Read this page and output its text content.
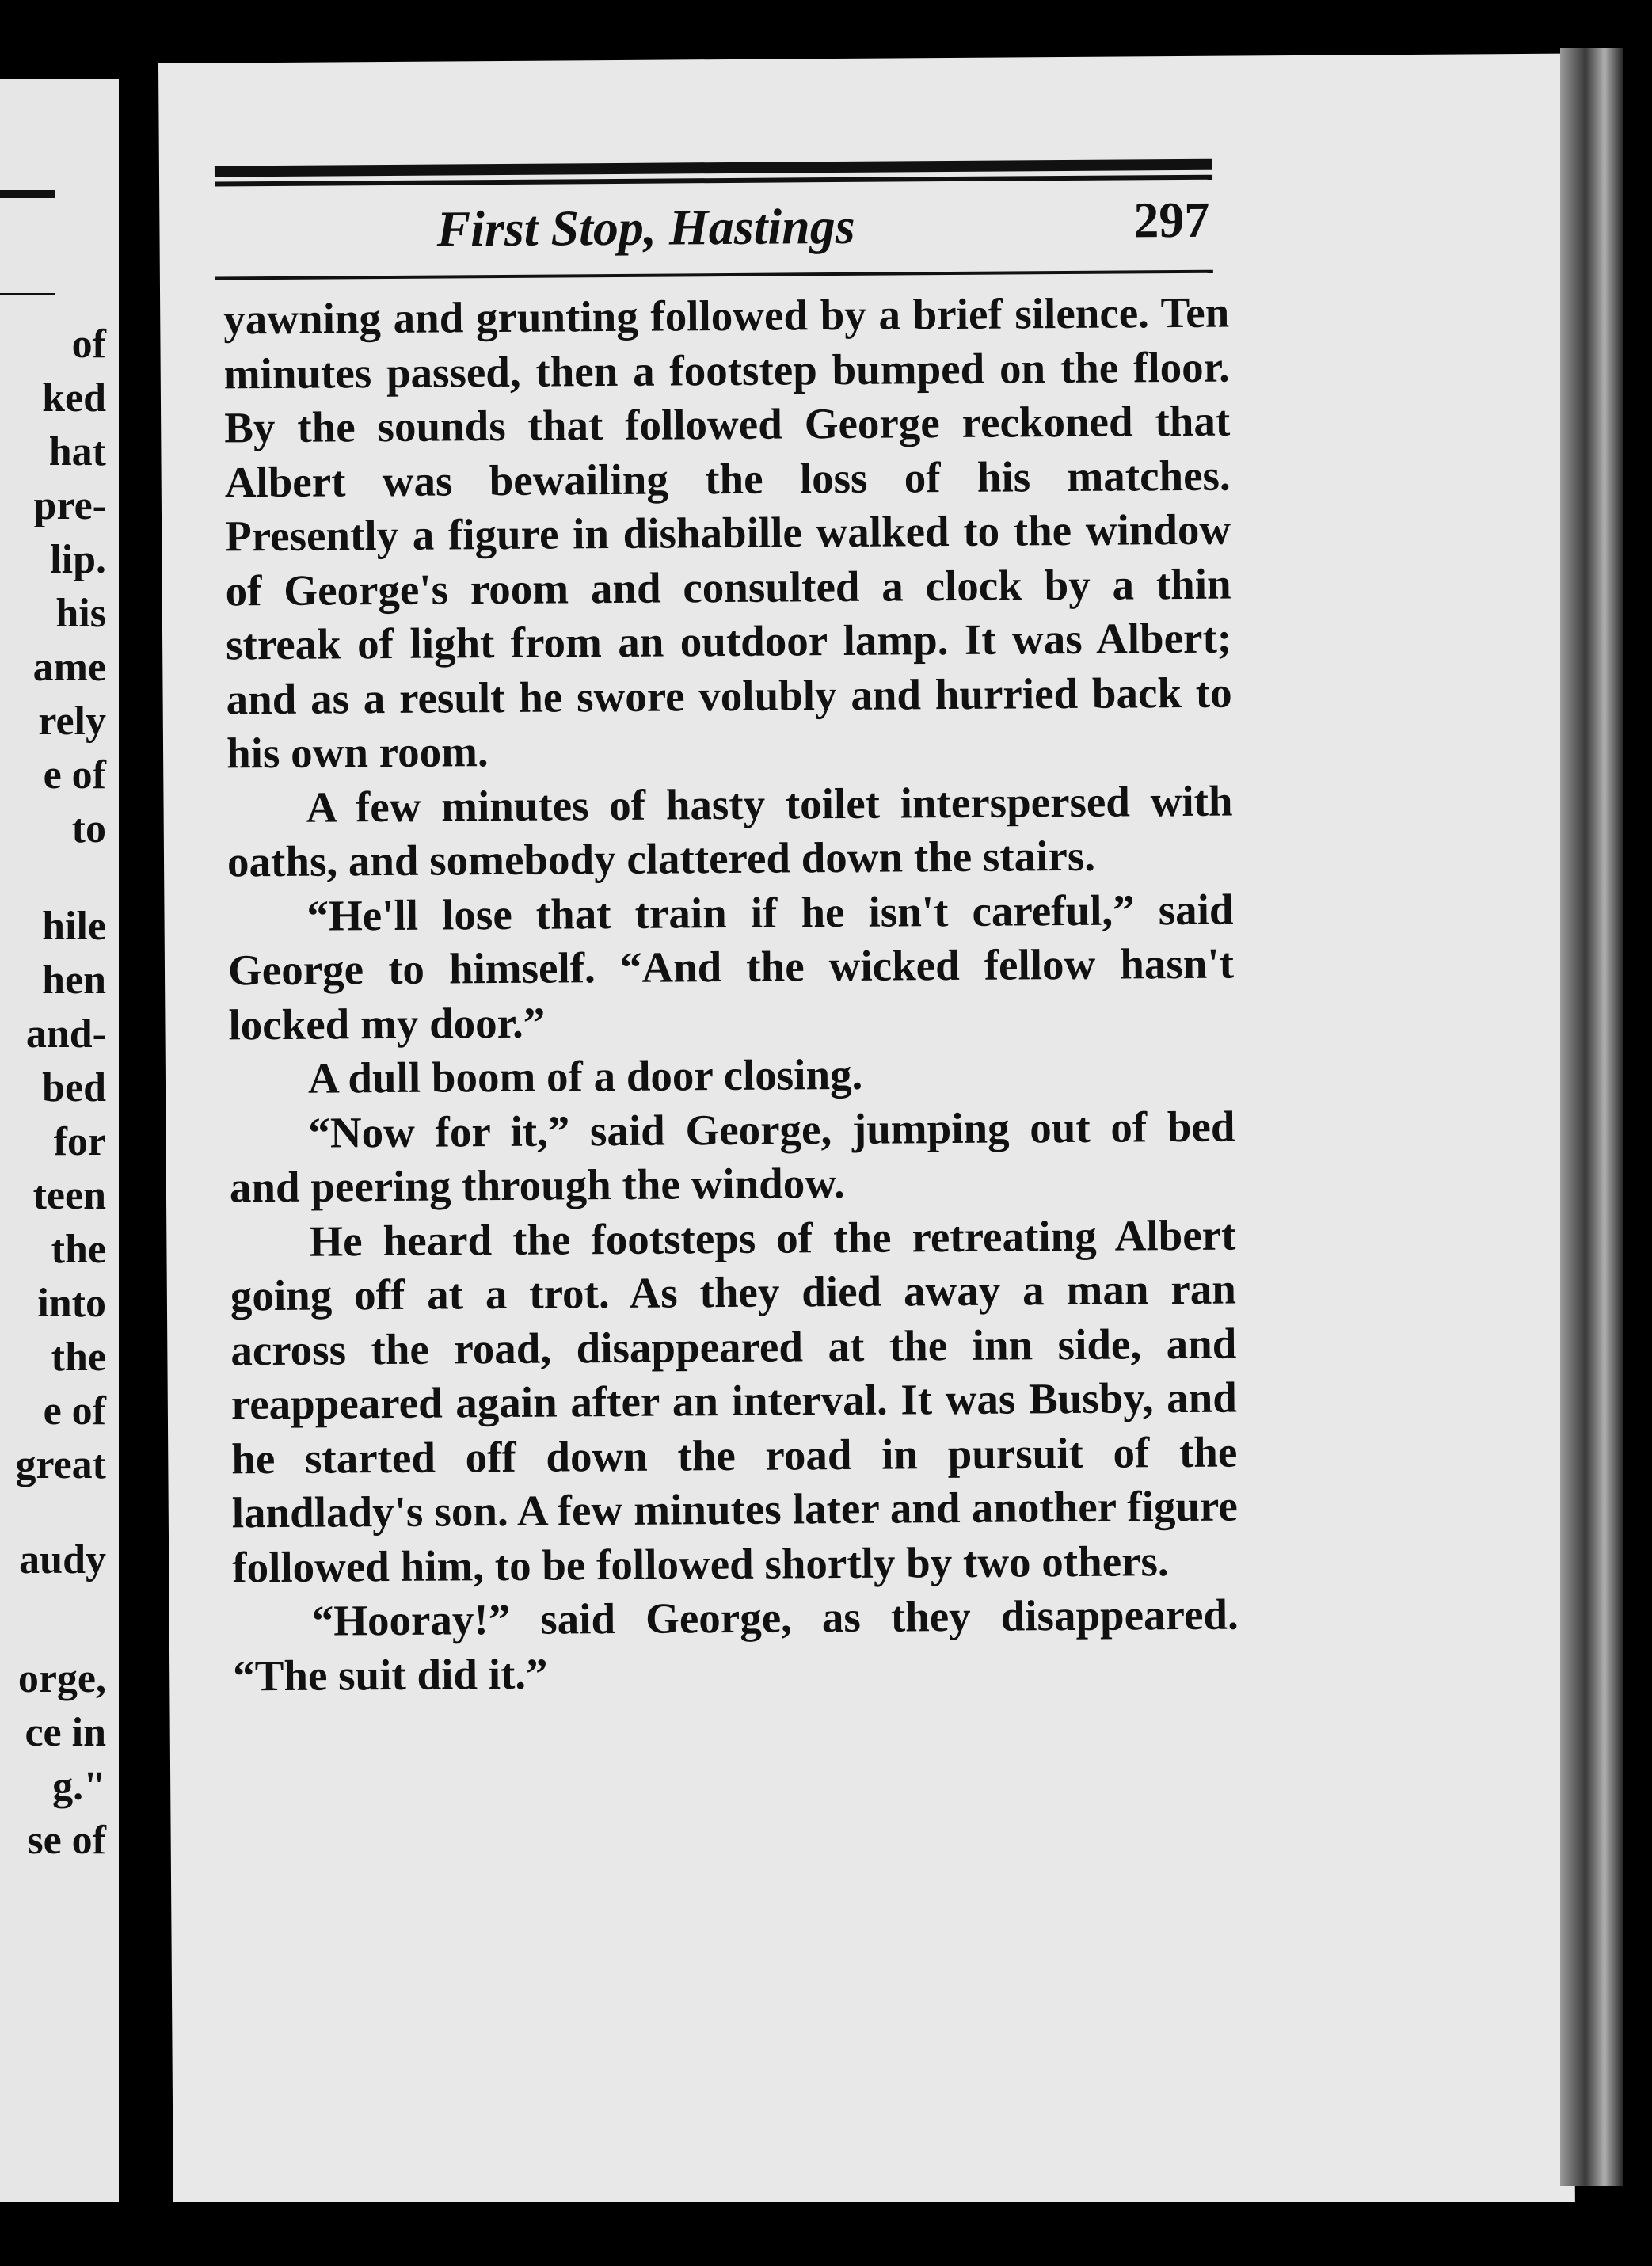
of
ked
hat
pre-
lip.
his
ame
rely
e of
to
hile
hen
and-
bed
for
teen
the
into
the
e of
great
audy
orge,
ce in
g."
se of
First Stop, Hastings	297

yawning and grunting followed by a brief silence. Ten minutes passed, then a footstep bumped on the floor. By the sounds that followed George reckoned that Albert was bewailing the loss of his matches. Presently a figure in dishabille walked to the window of George's room and consulted a clock by a thin streak of light from an outdoor lamp. It was Albert; and as a result he swore volubly and hurried back to his own room.

A few minutes of hasty toilet interspersed with oaths, and somebody clattered down the stairs.

“He'll lose that train if he isn't careful,” said George to himself. “And the wicked fellow hasn't locked my door.”

A dull boom of a door closing.

“Now for it,” said George, jumping out of bed and peering through the window.

He heard the footsteps of the retreating Albert going off at a trot. As they died away a man ran across the road, disappeared at the inn side, and reappeared again after an interval. It was Busby, and he started off down the road in pursuit of the landlady's son. A few minutes later and another figure followed him, to be followed shortly by two others.

“Hooray!” said George, as they disappeared. “The suit did it.”
